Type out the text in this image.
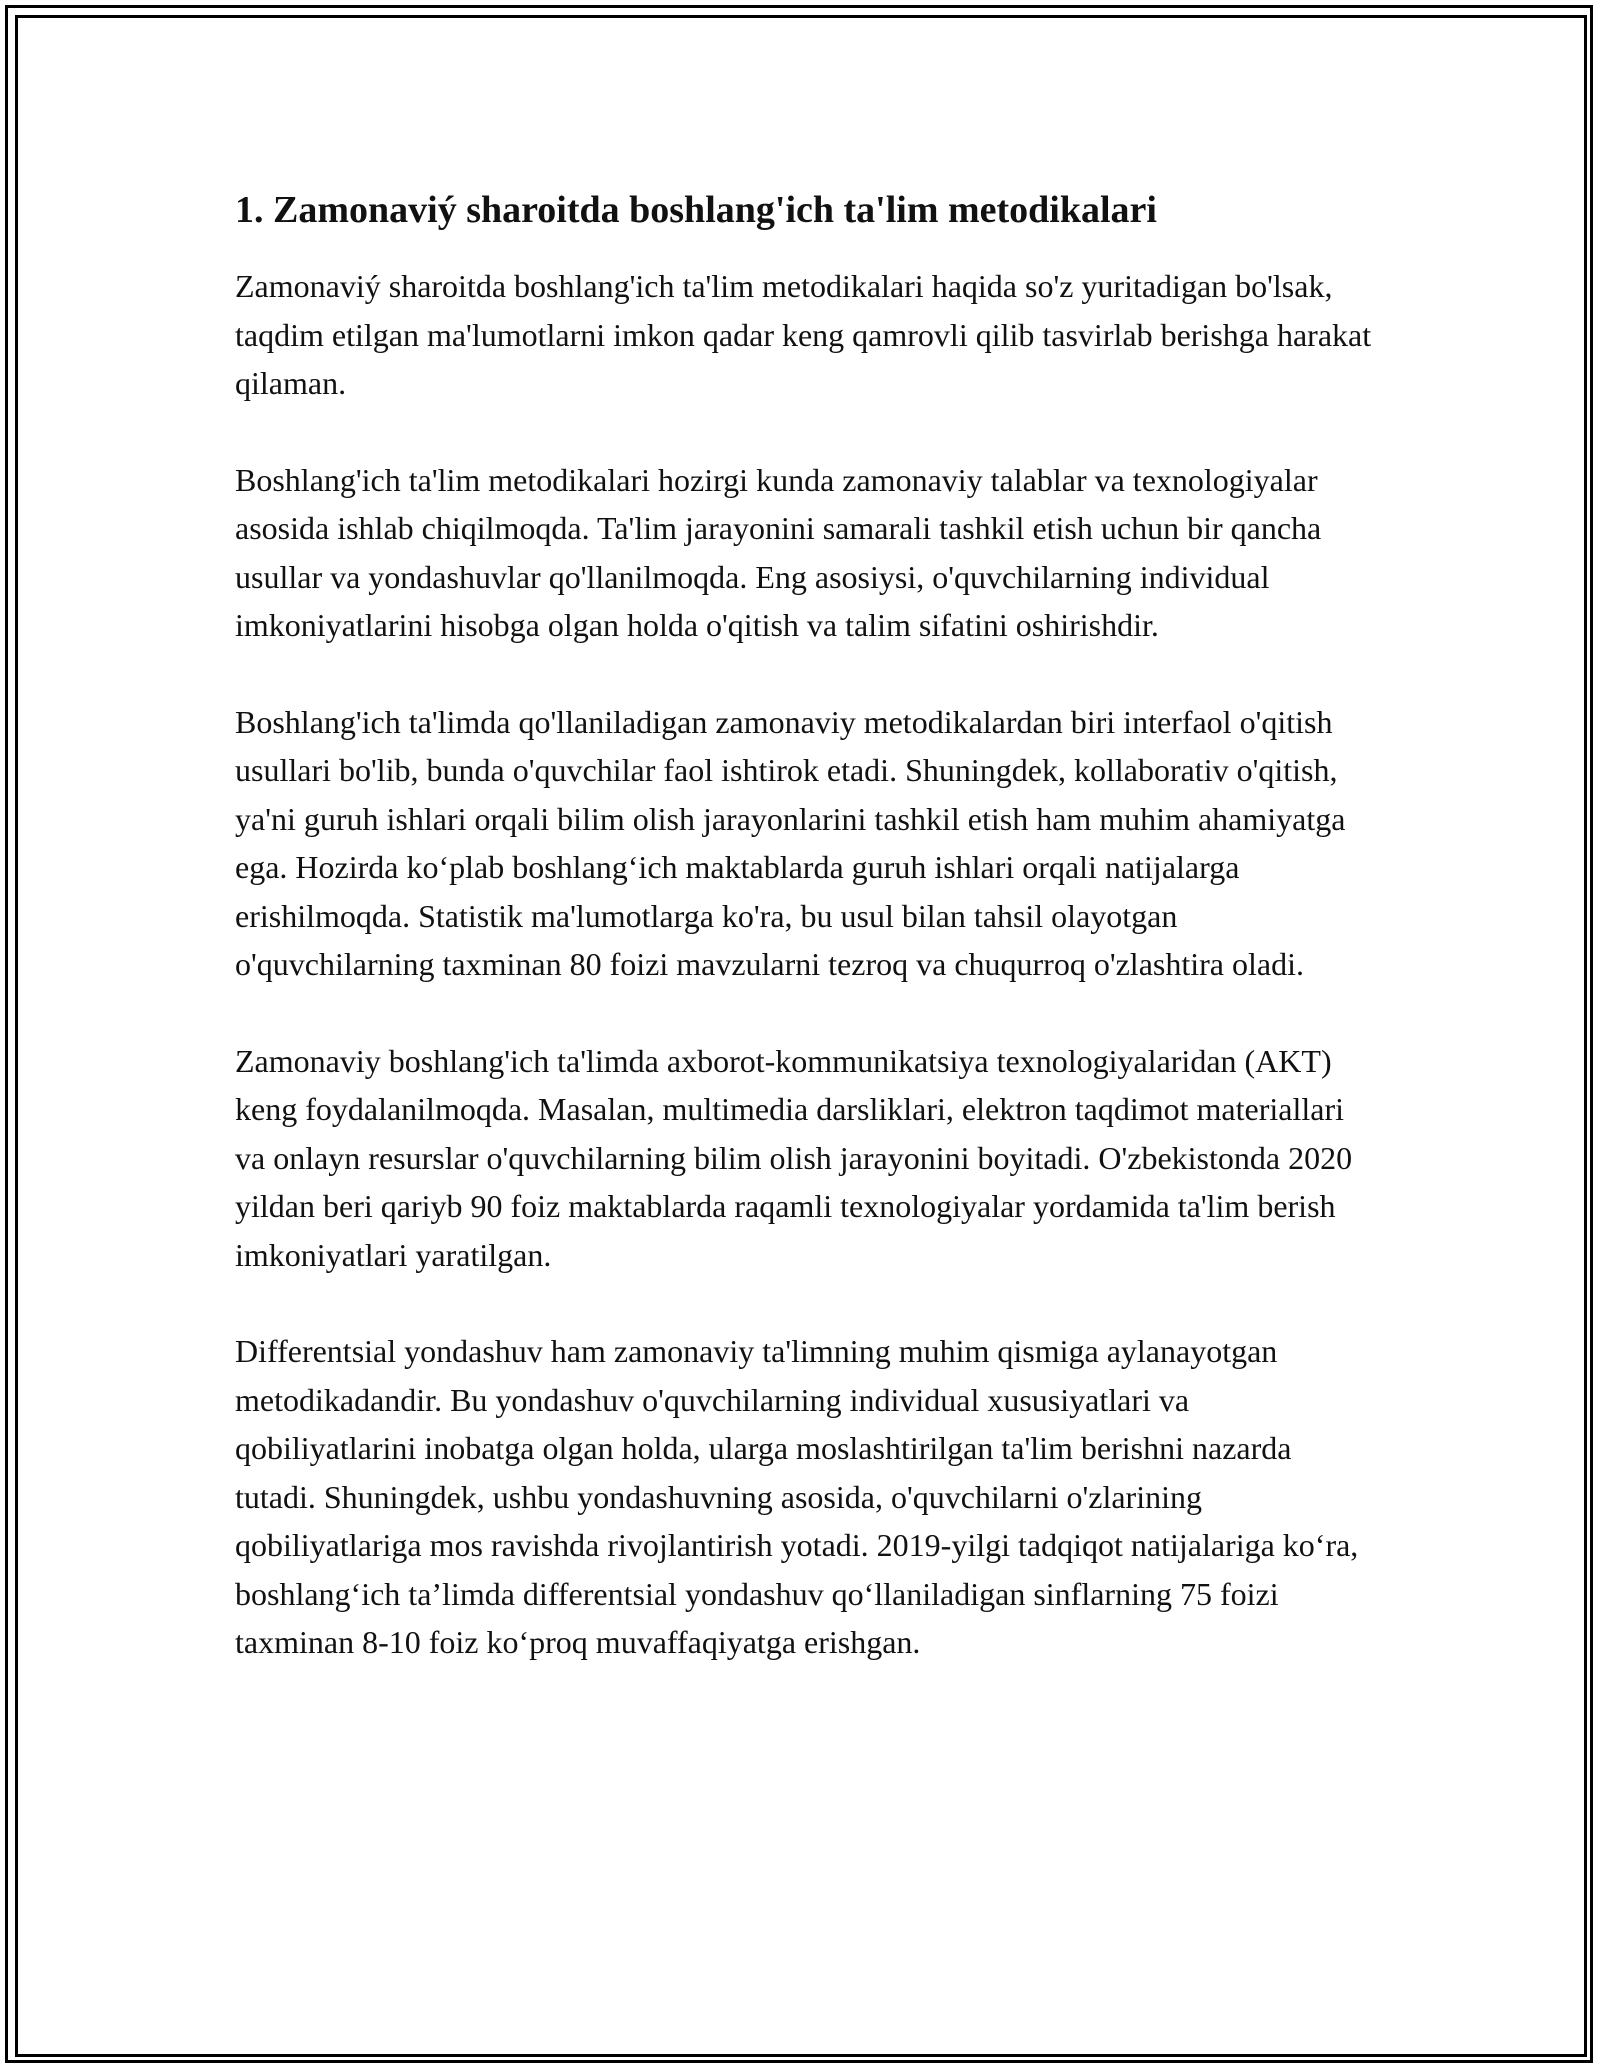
1. Zamonaviý sharoitda boshlang'ich ta'lim metodikalari

Zamonaviý sharoitda boshlang'ich ta'lim metodikalari haqida so'z yuritadigan bo'lsak, taqdim etilgan ma'lumotlarni imkon qadar keng qamrovli qilib tasvirlab berishga harakat qilaman.

Boshlang'ich ta'lim metodikalari hozirgi kunda zamonaviy talablar va texnologiyalar asosida ishlab chiqilmoqda. Ta'lim jarayonini samarali tashkil etish uchun bir qancha usullar va yondashuvlar qo'llanilmoqda. Eng asosiysi, o'quvchilarning individual imkoniyatlarini hisobga olgan holda o'qitish va talim sifatini oshirishdir.

Boshlang'ich ta'limda qo'llaniladigan zamonaviy metodikalardan biri interfaol o'qitish usullari bo'lib, bunda o'quvchilar faol ishtirok etadi. Shuningdek, kollaborativ o'qitish, ya'ni guruh ishlari orqali bilim olish jarayonlarini tashkil etish ham muhim ahamiyatga ega. Hozirda ko‘plab boshlang‘ich maktablarda guruh ishlari orqali natijalarga erishilmoqda. Statistik ma'lumotlarga ko'ra, bu usul bilan tahsil olayotgan o'quvchilarning taxminan 80 foizi mavzularni tezroq va chuqurroq o'zlashtira oladi.

Zamonaviy boshlang'ich ta'limda axborot-kommunikatsiya texnologiyalaridan (AKT) keng foydalanilmoqda. Masalan, multimedia darsliklari, elektron taqdimot materiallari va onlayn resurslar o'quvchilarning bilim olish jarayonini boyitadi. O'zbekistonda 2020 yildan beri qariyb 90 foiz maktablarda raqamli texnologiyalar yordamida ta'lim berish imkoniyatlari yaratilgan.

Differentsial yondashuv ham zamonaviy ta'limning muhim qismiga aylanayotgan metodikadandir. Bu yondashuv o'quvchilarning individual xususiyatlari va qobiliyatlarini inobatga olgan holda, ularga moslashtirilgan ta'lim berishni nazarda tutadi. Shuningdek, ushbu yondashuvning asosida, o'quvchilarni o'zlarining qobiliyatlariga mos ravishda rivojlantirish yotadi. 2019-yilgi tadqiqot natijalariga ko‘ra, boshlang‘ich ta’limda differentsial yondashuv qo‘llaniladigan sinflarning 75 foizi taxminan 8-10 foiz ko‘proq muvaffaqiyatga erishgan.
